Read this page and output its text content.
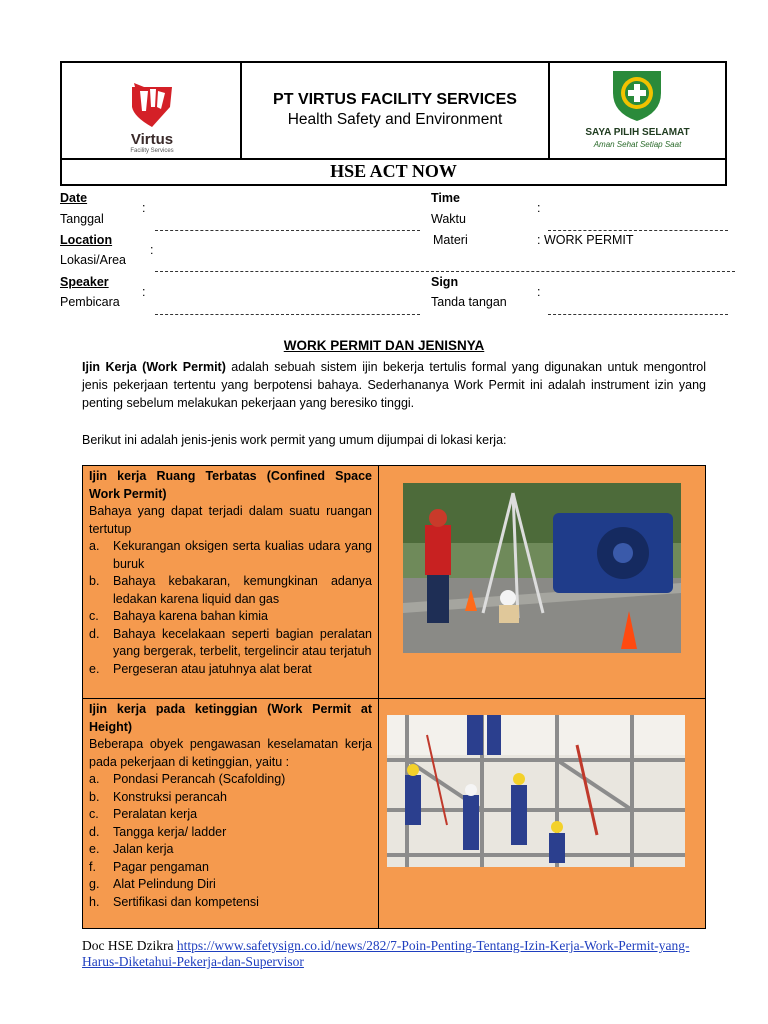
Virtus
Facility Services
PT VIRTUS FACILITY SERVICES
Health Safety and Environment
SAYA PILIH SELAMAT
Aman Sehat Setiap Saat
HSE ACT NOW
Date
Tanggal
:
Time
Waktu
:
Location
Lokasi/Area
:
Materi	: WORK PERMIT
Speaker
Pembicara
:
Sign
Tanda tangan
:
WORK PERMIT DAN JENISNYA
Ijin Kerja (Work Permit) adalah sebuah sistem ijin bekerja tertulis formal yang digunakan untuk mengontrol jenis pekerjaan tertentu yang berpotensi bahaya. Sederhananya Work Permit ini adalah instrument izin yang penting sebelum melakukan pekerjaan yang beresiko tinggi.
Berikut ini adalah jenis-jenis work permit yang umum dijumpai di lokasi kerja:
Ijin kerja Ruang Terbatas (Confined Space Work Permit)
Bahaya yang dapat terjadi dalam suatu ruangan tertutup
a. Kekurangan oksigen serta kualias udara yang buruk
b. Bahaya kebakaran, kemungkinan adanya ledakan karena liquid dan gas
c. Bahaya karena bahan kimia
d. Bahaya kecelakaan seperti bagian peralatan yang bergerak, terbelit, tergelincir atau terjatuh
e. Pergeseran atau jatuhnya alat berat
Ijin kerja pada ketinggian (Work Permit at Height)
Beberapa obyek pengawasan keselamatan kerja pada pekerjaan di ketinggian, yaitu :
a. Pondasi Perancah (Scafolding)
b. Konstruksi perancah
c. Peralatan kerja
d. Tangga kerja/ ladder
e. Jalan kerja
f. Pagar pengaman
g. Alat Pelindung Diri
h. Sertifikasi dan kompetensi
Doc HSE Dzikra https://www.safetysign.co.id/news/282/7-Poin-Penting-Tentang-Izin-Kerja-Work-Permit-yang-Harus-Diketahui-Pekerja-dan-Supervisor
